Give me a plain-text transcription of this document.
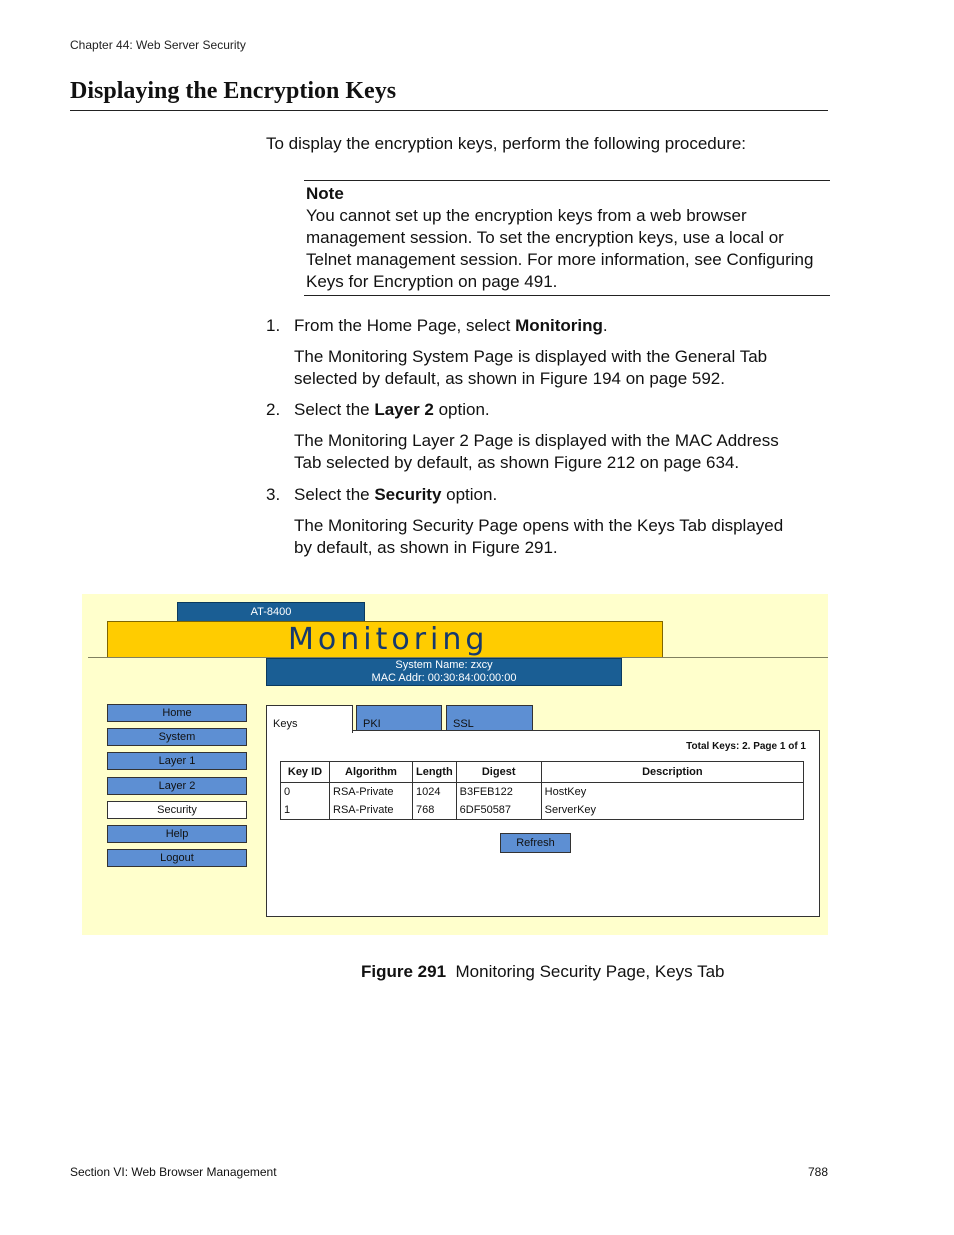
Chapter 44: Web Server Security
Displaying the Encryption Keys
To display the encryption keys, perform the following procedure:
Note
You cannot set up the encryption keys from a web browser management session. To set the encryption keys, use a local or Telnet management session. For more information, see Configuring Keys for Encryption on page 491.
1. From the Home Page, select Monitoring.
The Monitoring System Page is displayed with the General Tab selected by default, as shown in Figure 194 on page 592.
2. Select the Layer 2 option.
The Monitoring Layer 2 Page is displayed with the MAC Address Tab selected by default, as shown Figure 212 on page 634.
3. Select the Security option.
The Monitoring Security Page opens with the Keys Tab displayed by default, as shown in Figure 291.
AT-8400
Monitoring
System Name: zxcy
MAC Addr: 00:30:84:00:00:00
Home
System
Layer 1
Layer 2
Security
Help
Logout
Keys	PKI	SSL
Total Keys: 2. Page 1 of 1
Key ID	Algorithm	Length	Digest	Description
0	RSA-Private	1024	B3FEB122	HostKey
1	RSA-Private	768	6DF50587	ServerKey
Refresh
Figure 291 Monitoring Security Page, Keys Tab
Section VI: Web Browser Management	788
